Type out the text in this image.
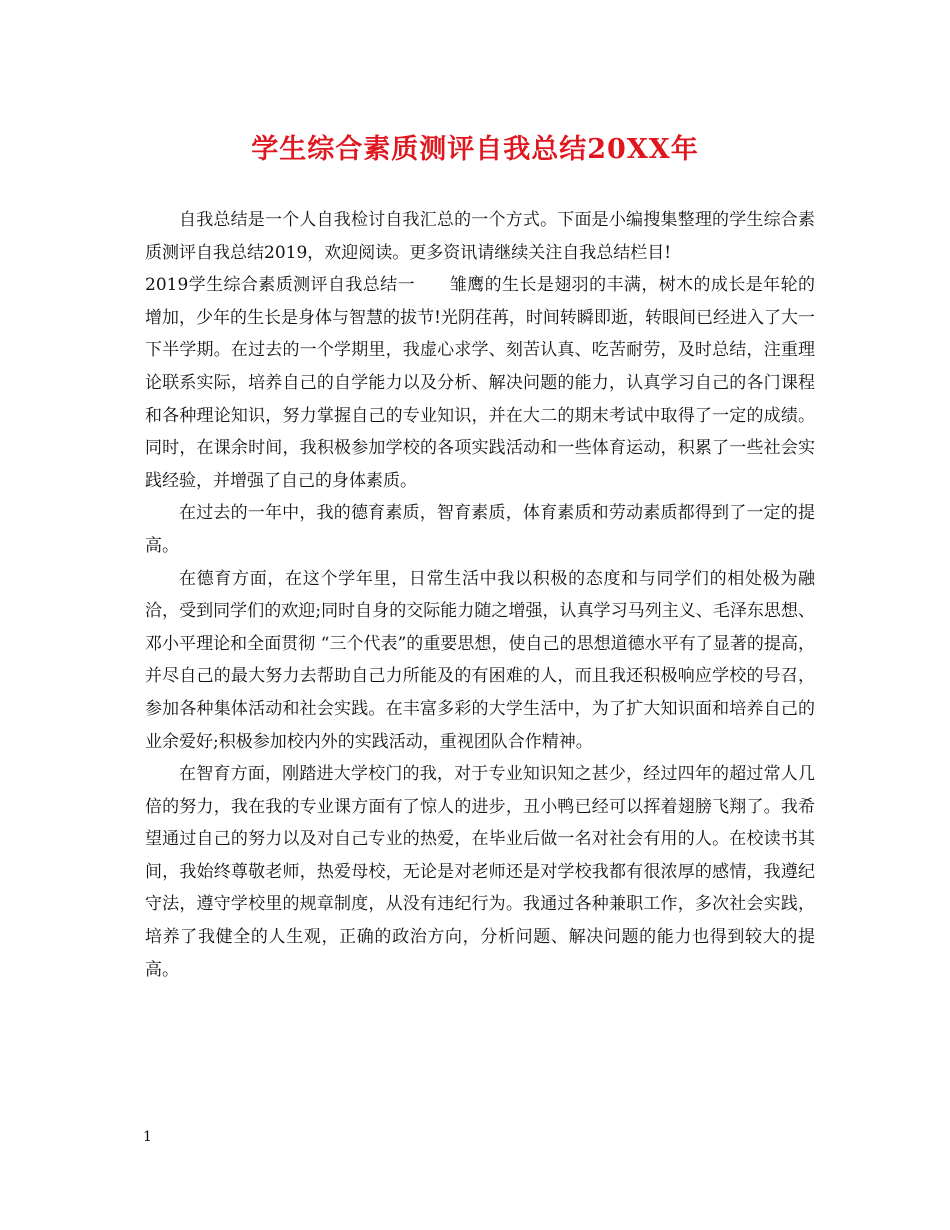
学生综合素质测评自我总结20XX年

自我总结是一个人自我检讨自我汇总的一个方式。下面是小编搜集整理的学生综合素质测评自我总结2019，欢迎阅读。更多资讯请继续关注自我总结栏目!

2019学生综合素质测评自我总结一　　雏鹰的生长是翅羽的丰满，树木的成长是年轮的增加，少年的生长是身体与智慧的拔节!光阴荏苒，时间转瞬即逝，转眼间已经进入了大一下半学期。在过去的一个学期里，我虚心求学、刻苦认真、吃苦耐劳，及时总结，注重理论联系实际，培养自己的自学能力以及分析、解决问题的能力，认真学习自己的各门课程和各种理论知识，努力掌握自己的专业知识，并在大二的期末考试中取得了一定的成绩。同时，在课余时间，我积极参加学校的各项实践活动和一些体育运动，积累了一些社会实践经验，并增强了自己的身体素质。

在过去的一年中，我的德育素质，智育素质，体育素质和劳动素质都得到了一定的提高。

在德育方面，在这个学年里，日常生活中我以积极的态度和与同学们的相处极为融洽，受到同学们的欢迎;同时自身的交际能力随之增强，认真学习马列主义、毛泽东思想、邓小平理论和全面贯彻 “三个代表”的重要思想，使自己的思想道德水平有了显著的提高，并尽自己的最大努力去帮助自己力所能及的有困难的人，而且我还积极响应学校的号召，参加各种集体活动和社会实践。在丰富多彩的大学生活中，为了扩大知识面和培养自己的业余爱好;积极参加校内外的实践活动，重视团队合作精神。

在智育方面，刚踏进大学校门的我，对于专业知识知之甚少，经过四年的超过常人几倍的努力，我在我的专业课方面有了惊人的进步，丑小鸭已经可以挥着翅膀飞翔了。我希望通过自己的努力以及对自己专业的热爱，在毕业后做一名对社会有用的人。在校读书其间，我始终尊敬老师，热爱母校，无论是对老师还是对学校我都有很浓厚的感情，我遵纪守法，遵守学校里的规章制度，从没有违纪行为。我通过各种兼职工作，多次社会实践，培养了我健全的人生观，正确的政治方向，分析问题、解决问题的能力也得到较大的提高。

1
